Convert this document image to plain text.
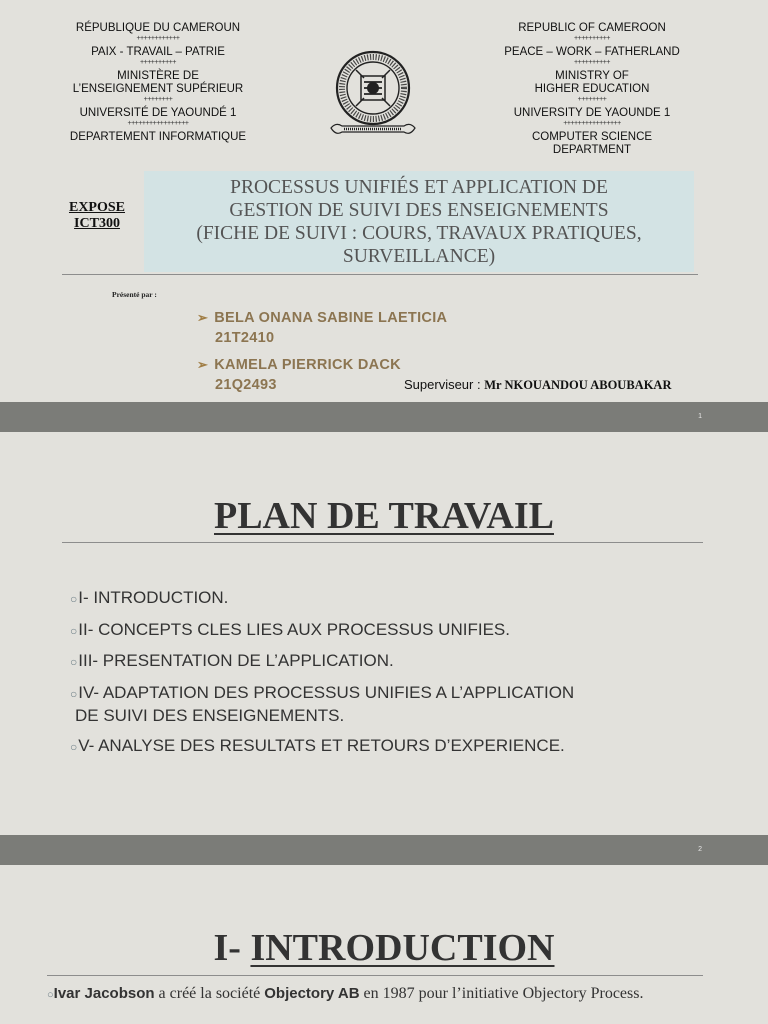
RÉPUBLIQUE DU CAMEROUN
++++++++++++
PAIX - TRAVAIL – PATRIE
++++++++++
MINISTÈRE DE
L’ENSEIGNEMENT SUPÉRIEUR
++++++++
UNIVERSITÉ DE YAOUNDÉ 1
+++++++++++++++++
DEPARTEMENT INFORMATIQUE
REPUBLIC OF CAMEROON
++++++++++
PEACE – WORK – FATHERLAND
++++++++++
MINISTRY OF
HIGHER EDUCATION
++++++++
UNIVERSITY DE YAOUNDE 1
++++++++++++++++
COMPUTER SCIENCE
DEPARTMENT
EXPOSE
ICT300
PROCESSUS UNIFIÉS ET APPLICATION DE
GESTION DE SUIVI DES ENSEIGNEMENTS
(FICHE DE SUIVI : COURS, TRAVAUX PRATIQUES,
SURVEILLANCE)
Présenté par :
➢ BELA ONANA SABINE LAETICIA
21T2410
➢ KAMELA PIERRICK DACK
21Q2493	Superviseur : Mr NKOUANDOU ABOUBAKAR
1
PLAN DE TRAVAIL
○I- INTRODUCTION.
○II- CONCEPTS CLES LIES AUX PROCESSUS UNIFIES.
○III- PRESENTATION DE L’APPLICATION.
○IV- ADAPTATION DES PROCESSUS UNIFIES A L’APPLICATION
DE SUIVI DES ENSEIGNEMENTS.
○V- ANALYSE DES RESULTATS ET RETOURS D’EXPERIENCE.
2
I- INTRODUCTION
○Ivar Jacobson a créé la société Objectory AB en 1987 pour l’initiative Objectory Process.
